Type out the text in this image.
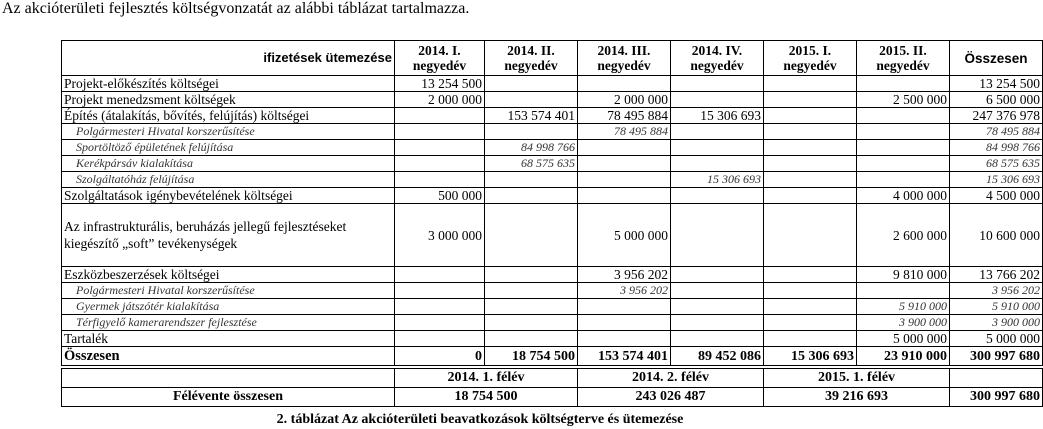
Az akcióterületi fejlesztés költségvonzatát az alábbi táblázat tartalmazza.
ifizetések ütemezése	2014. I. negyedév	2014. II. negyedév	2014. III. negyedév	2014. IV. negyedév	2015. I. negyedév	2015. II. negyedév	Összesen
Projekt-előkészítés költségei	13 254 500						13 254 500
Projekt menedzsment költségek	2 000 000		2 000 000			2 500 000	6 500 000
Építés (átalakítás, bővítés, felújítás) költségei		153 574 401	78 495 884	15 306 693			247 376 978
Polgármesteri Hivatal korszerűsítése			78 495 884				78 495 884
Sportöltöző épületének felújítása		84 998 766					84 998 766
Kerékpársáv kialakítása		68 575 635					68 575 635
Szolgáltatóház felújítása				15 306 693			15 306 693
Szolgáltatások igénybevételének költségei	500 000					4 000 000	4 500 000
Az infrastrukturális, beruházás jellegű fejlesztéseket kiegészítő „soft” tevékenységek	3 000 000		5 000 000			2 600 000	10 600 000
Eszközbeszerzések költségei			3 956 202			9 810 000	13 766 202
Polgármesteri Hivatal korszerűsítése			3 956 202				3 956 202
Gyermek játszótér kialakítása						5 910 000	5 910 000
Térfigyelő kamerarendszer fejlesztése						3 900 000	3 900 000
Tartalék						5 000 000	5 000 000
Összesen	0	18 754 500	153 574 401	89 452 086	15 306 693	23 910 000	300 997 680
	2014. 1. félév	2014. 2. félév	2015. 1. félév	
Félévente összesen	18 754 500	243 026 487	39 216 693	300 997 680
2. táblázat Az akcióterületi beavatkozások költségterve és ütemezése
